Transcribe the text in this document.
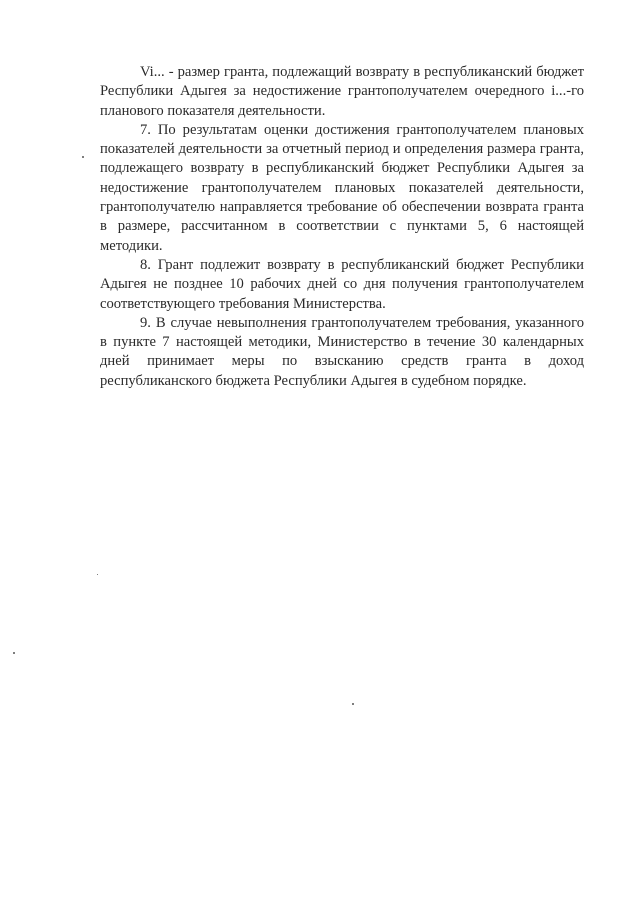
Vi... - размер гранта, подлежащий возврату в республиканский бюджет Республики Адыгея за недостижение грантополучателем очередного i...-го планового показателя деятельности.

7. По результатам оценки достижения грантополучателем плановых показателей деятельности за отчетный период и определения размера гранта, подлежащего возврату в республиканский бюджет Республики Адыгея за недостижение грантополучателем плановых показателей деятельности, грантополучателю направляется требование об обеспечении возврата гранта в размере, рассчитанном в соответствии с пунктами 5, 6 настоящей методики.

8. Грант подлежит возврату в республиканский бюджет Республики Адыгея не позднее 10 рабочих дней со дня получения грантополучателем соответствующего требования Министерства.

9. В случае невыполнения грантополучателем требования, указанного в пункте 7 настоящей методики, Министерство в течение 30 календарных дней принимает меры по взысканию средств гранта в доход республиканского бюджета Республики Адыгея в судебном порядке.
